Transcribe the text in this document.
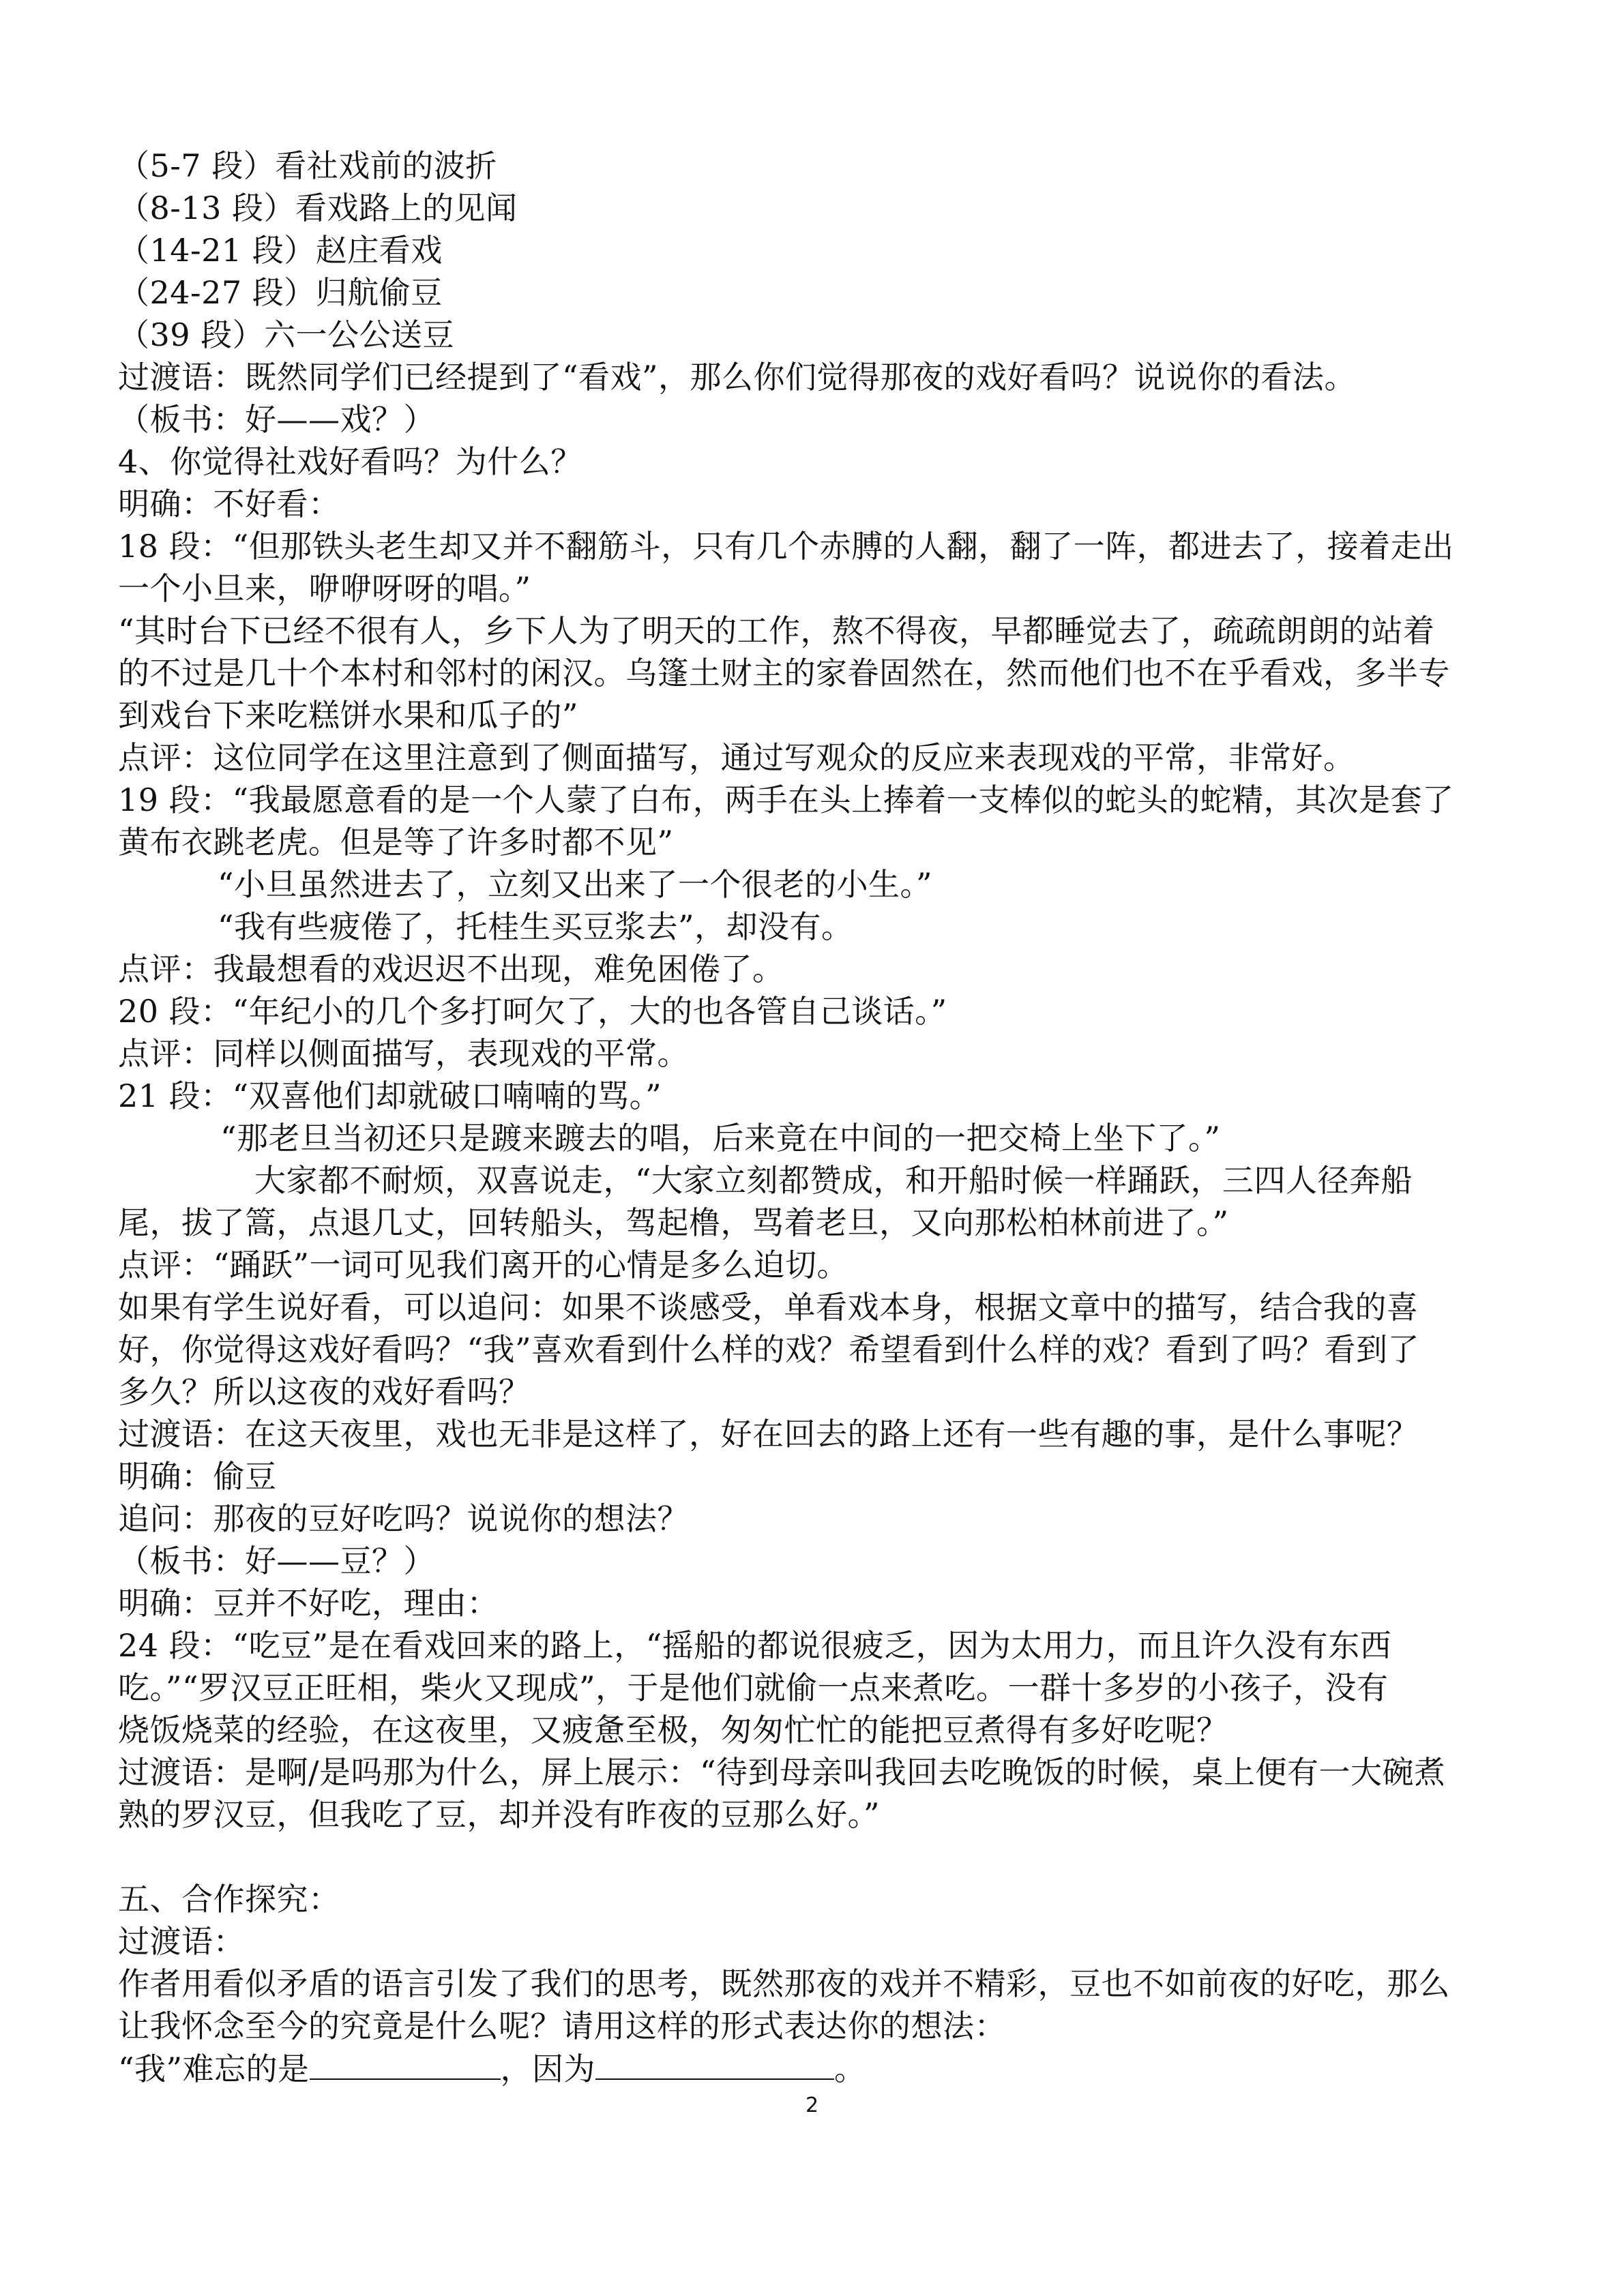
（5-7 段）看社戏前的波折
（8-13 段）看戏路上的见闻
（14-21 段）赵庄看戏
（24-27 段）归航偷豆
（39 段）六一公公送豆
过渡语：既然同学们已经提到了“看戏”，那么你们觉得那夜的戏好看吗？说说你的看法。
（板书：好——戏？）
4、你觉得社戏好看吗？为什么？
明确：不好看：
18 段：“但那铁头老生却又并不翻筋斗，只有几个赤膊的人翻，翻了一阵，都进去了，接着走出
一个小旦来，咿咿呀呀的唱。”
“其时台下已经不很有人，乡下人为了明天的工作，熬不得夜，早都睡觉去了，疏疏朗朗的站着
的不过是几十个本村和邻村的闲汉。乌篷土财主的家眷固然在，然而他们也不在乎看戏，多半专
到戏台下来吃糕饼水果和瓜子的”
点评：这位同学在这里注意到了侧面描写，通过写观众的反应来表现戏的平常，非常好。
19 段：“我最愿意看的是一个人蒙了白布，两手在头上捧着一支棒似的蛇头的蛇精，其次是套了
黄布衣跳老虎。但是等了许多时都不见”
“小旦虽然进去了，立刻又出来了一个很老的小生。”
“我有些疲倦了，托桂生买豆浆去”，却没有。
点评：我最想看的戏迟迟不出现，难免困倦了。
20 段：“年纪小的几个多打呵欠了，大的也各管自己谈话。”
点评：同样以侧面描写，表现戏的平常。
21 段：“双喜他们却就破口喃喃的骂。”
“那老旦当初还只是踱来踱去的唱，后来竟在中间的一把交椅上坐下了。”
大家都不耐烦，双喜说走，“大家立刻都赞成，和开船时候一样踊跃，三四人径奔船
尾，拔了篙，点退几丈，回转船头，驾起橹，骂着老旦，又向那松柏林前进了。”
点评：“踊跃”一词可见我们离开的心情是多么迫切。
如果有学生说好看，可以追问：如果不谈感受，单看戏本身，根据文章中的描写，结合我的喜
好，你觉得这戏好看吗？“我”喜欢看到什么样的戏？希望看到什么样的戏？看到了吗？看到了
多久？所以这夜的戏好看吗？
过渡语：在这天夜里，戏也无非是这样了，好在回去的路上还有一些有趣的事，是什么事呢？
明确：偷豆
追问：那夜的豆好吃吗？说说你的想法？
（板书：好——豆？）
明确：豆并不好吃，理由：
24 段：“吃豆”是在看戏回来的路上，“摇船的都说很疲乏，因为太用力，而且许久没有东西
吃。”“罗汉豆正旺相，柴火又现成”，于是他们就偷一点来煮吃。一群十多岁的小孩子，没有
烧饭烧菜的经验，在这夜里，又疲惫至极，匆匆忙忙的能把豆煮得有多好吃呢？
过渡语：是啊/是吗那为什么，屏上展示：“待到母亲叫我回去吃晚饭的时候，桌上便有一大碗煮
熟的罗汉豆，但我吃了豆，却并没有昨夜的豆那么好。”
五、合作探究：
过渡语：
作者用看似矛盾的语言引发了我们的思考，既然那夜的戏并不精彩，豆也不如前夜的好吃，那么
让我怀念至今的究竟是什么呢？请用这样的形式表达你的想法：
“我”难忘的是	，因为	。
2
